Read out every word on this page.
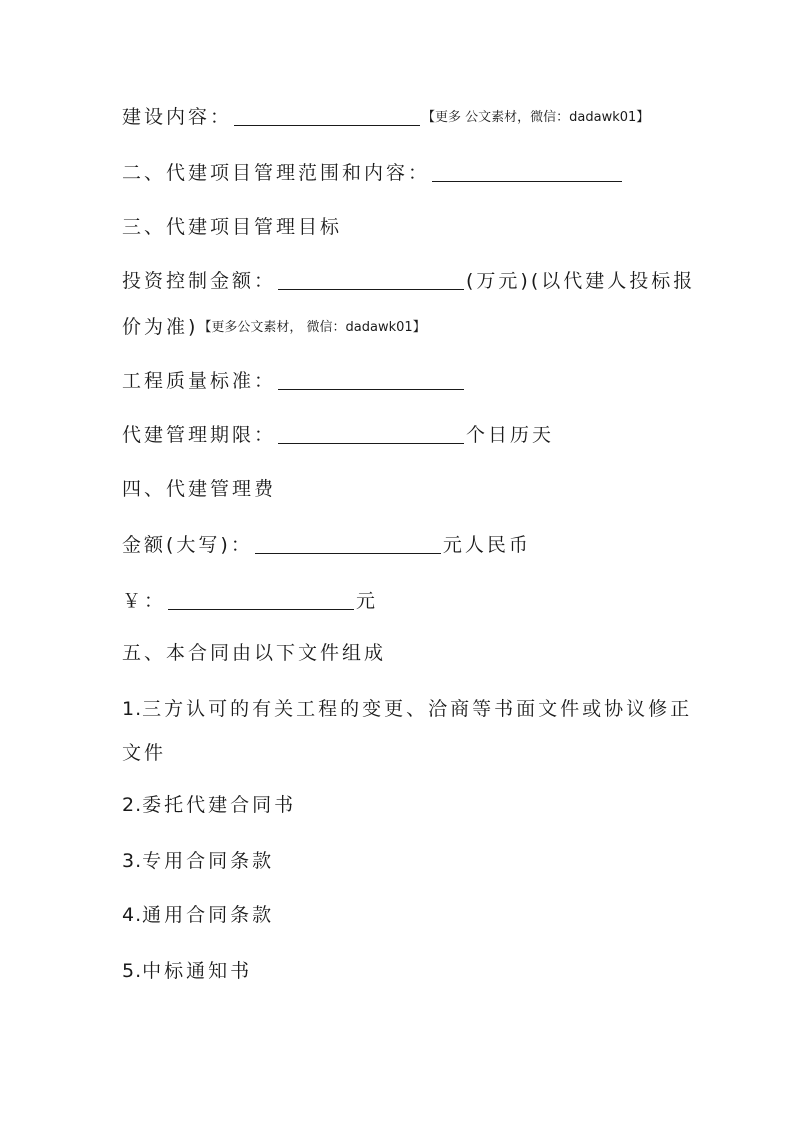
建设内容：	【更多 公文素材，微信：dadawk01】
二、代建项目管理范围和内容：
三、代建项目管理目标
投资控制金额：	(万元)(以代建人投标报
价为准)【更多公文素材， 微信：dadawk01】
工程质量标准：
代建管理期限：	个日历天
四、代建管理费
金额(大写)：	元人民币
￥：	元
五、本合同由以下文件组成
1.三方认可的有关工程的变更、洽商等书面文件或协议修正
文件
2.委托代建合同书
3.专用合同条款
4.通用合同条款
5.中标通知书
